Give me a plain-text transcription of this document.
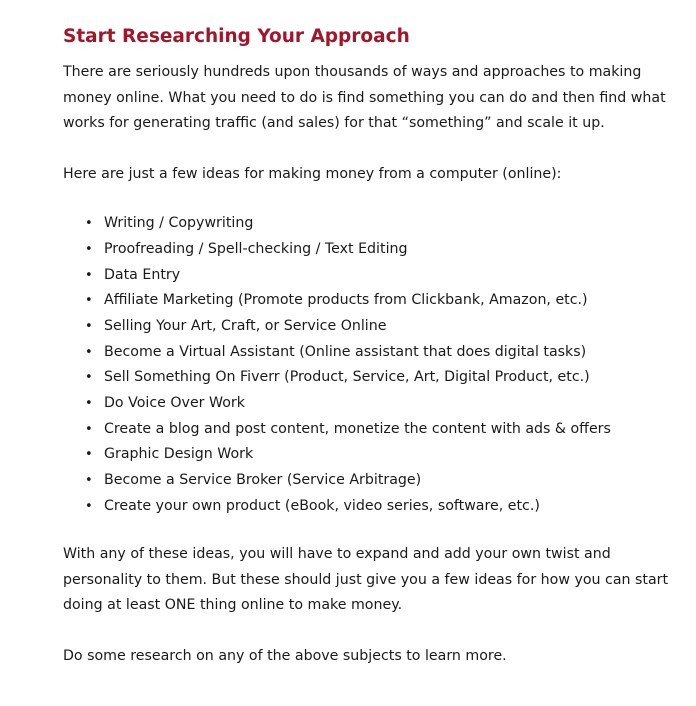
Start Researching Your Approach

There are seriously hundreds upon thousands of ways and approaches to making money online. What you need to do is find something you can do and then find what works for generating traffic (and sales) for that “something” and scale it up.

Here are just a few ideas for making money from a computer (online):

• Writing / Copywriting
• Proofreading / Spell-checking / Text Editing
• Data Entry
• Affiliate Marketing (Promote products from Clickbank, Amazon, etc.)
• Selling Your Art, Craft, or Service Online
• Become a Virtual Assistant (Online assistant that does digital tasks)
• Sell Something On Fiverr (Product, Service, Art, Digital Product, etc.)
• Do Voice Over Work
• Create a blog and post content, monetize the content with ads & offers
• Graphic Design Work
• Become a Service Broker (Service Arbitrage)
• Create your own product (eBook, video series, software, etc.)

With any of these ideas, you will have to expand and add your own twist and personality to them. But these should just give you a few ideas for how you can start doing at least ONE thing online to make money.

Do some research on any of the above subjects to learn more.
